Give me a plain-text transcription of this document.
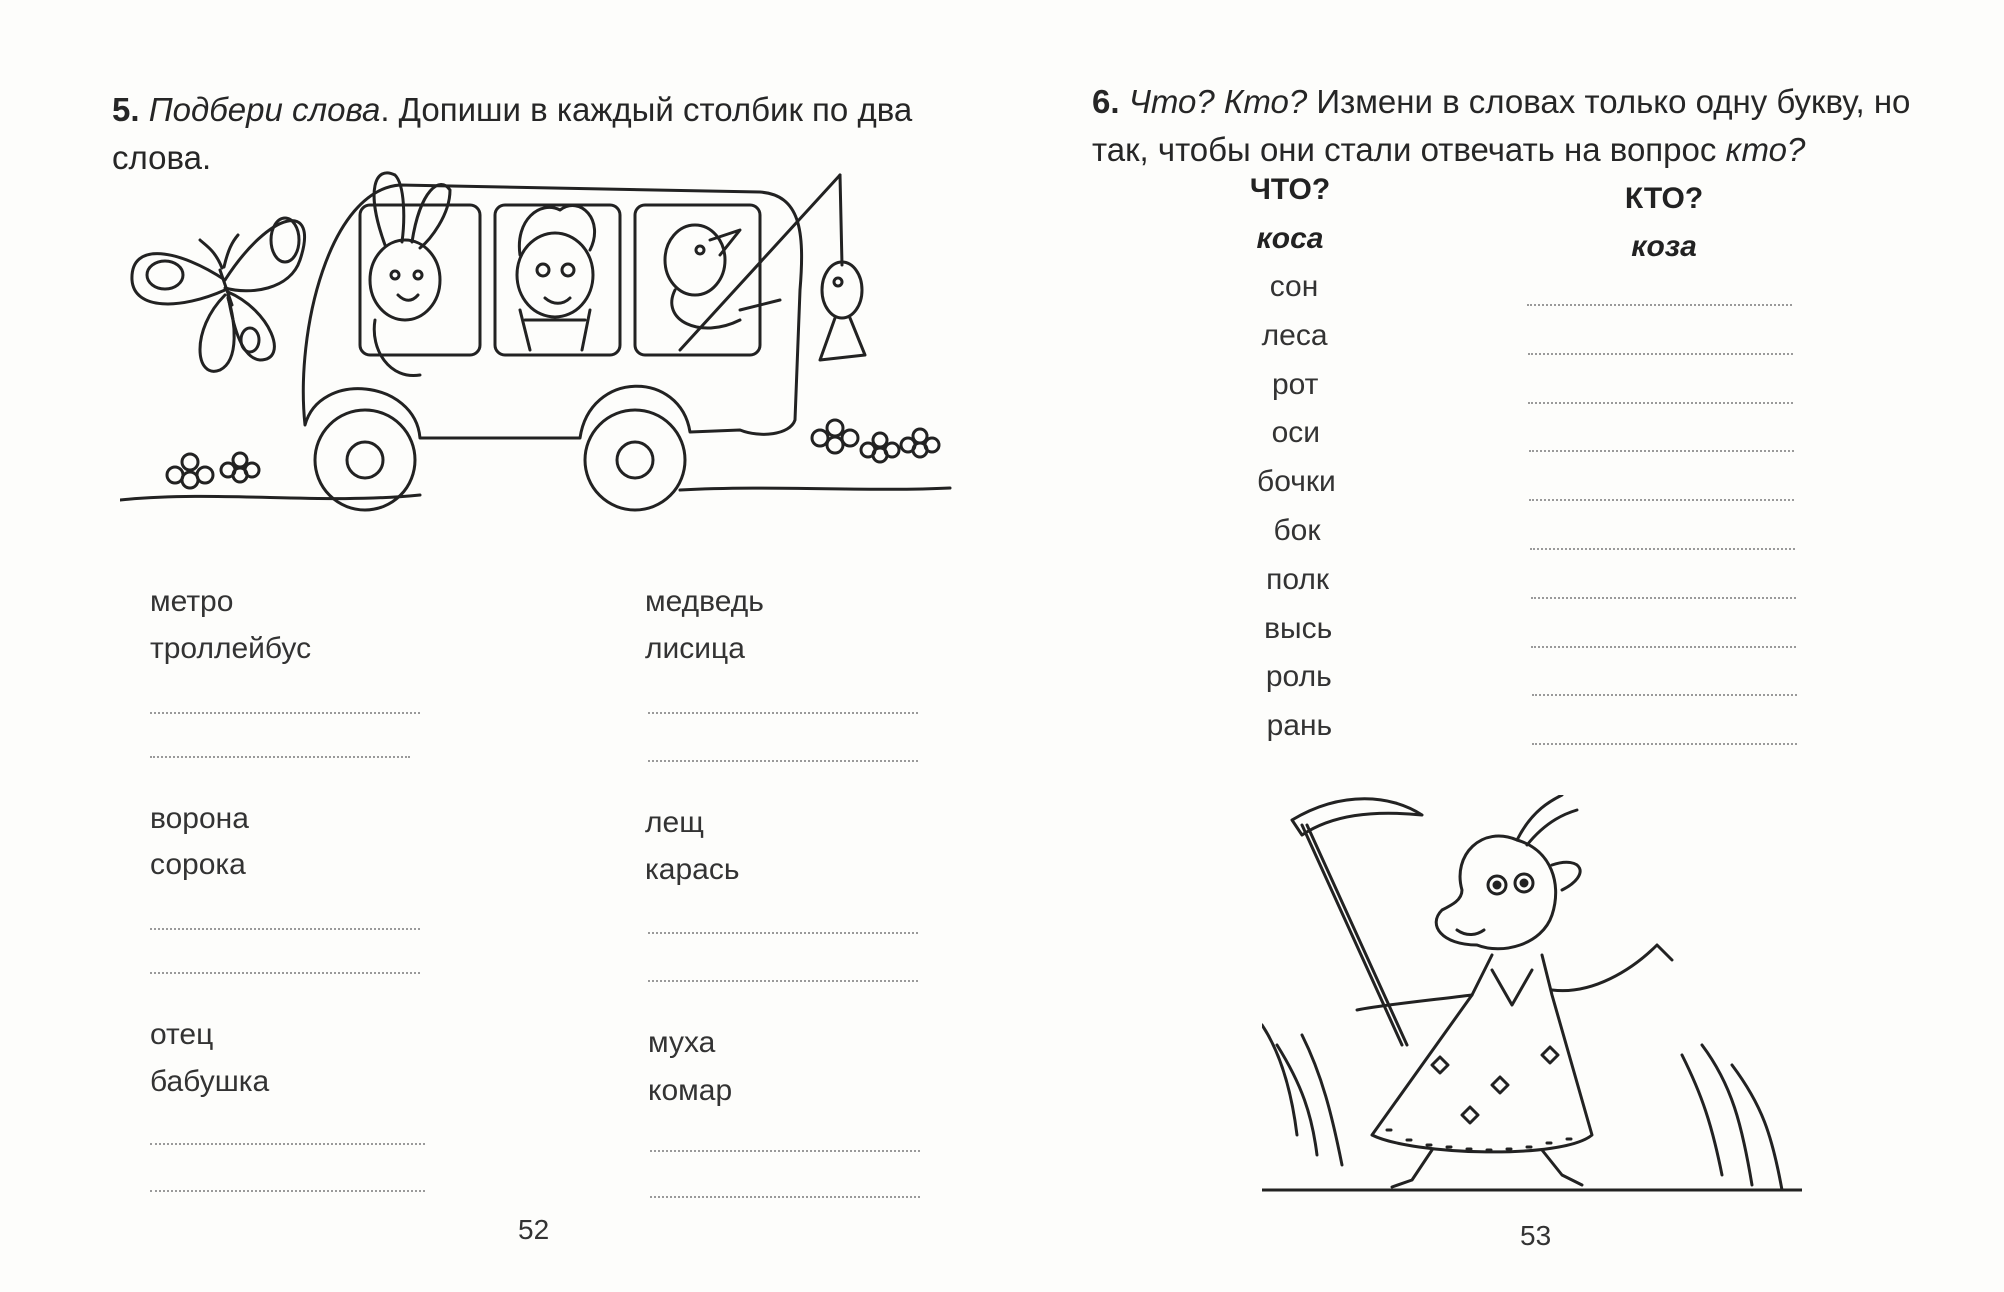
5. Подбери слова. Допиши в каждый столбик по два слова.
метро
троллейбус
медведь
лисица
ворона
сорока
лещ
карась
отец
бабушка
муха
комар
52
6. Что? Кто? Измени в словах только одну букву, но так, чтобы они стали отвечать на вопрос кто?
ЧТО?	КТО?
коса	коза
сон
леса
рот
оси
бочки
бок
полк
высь
роль
рань
53
